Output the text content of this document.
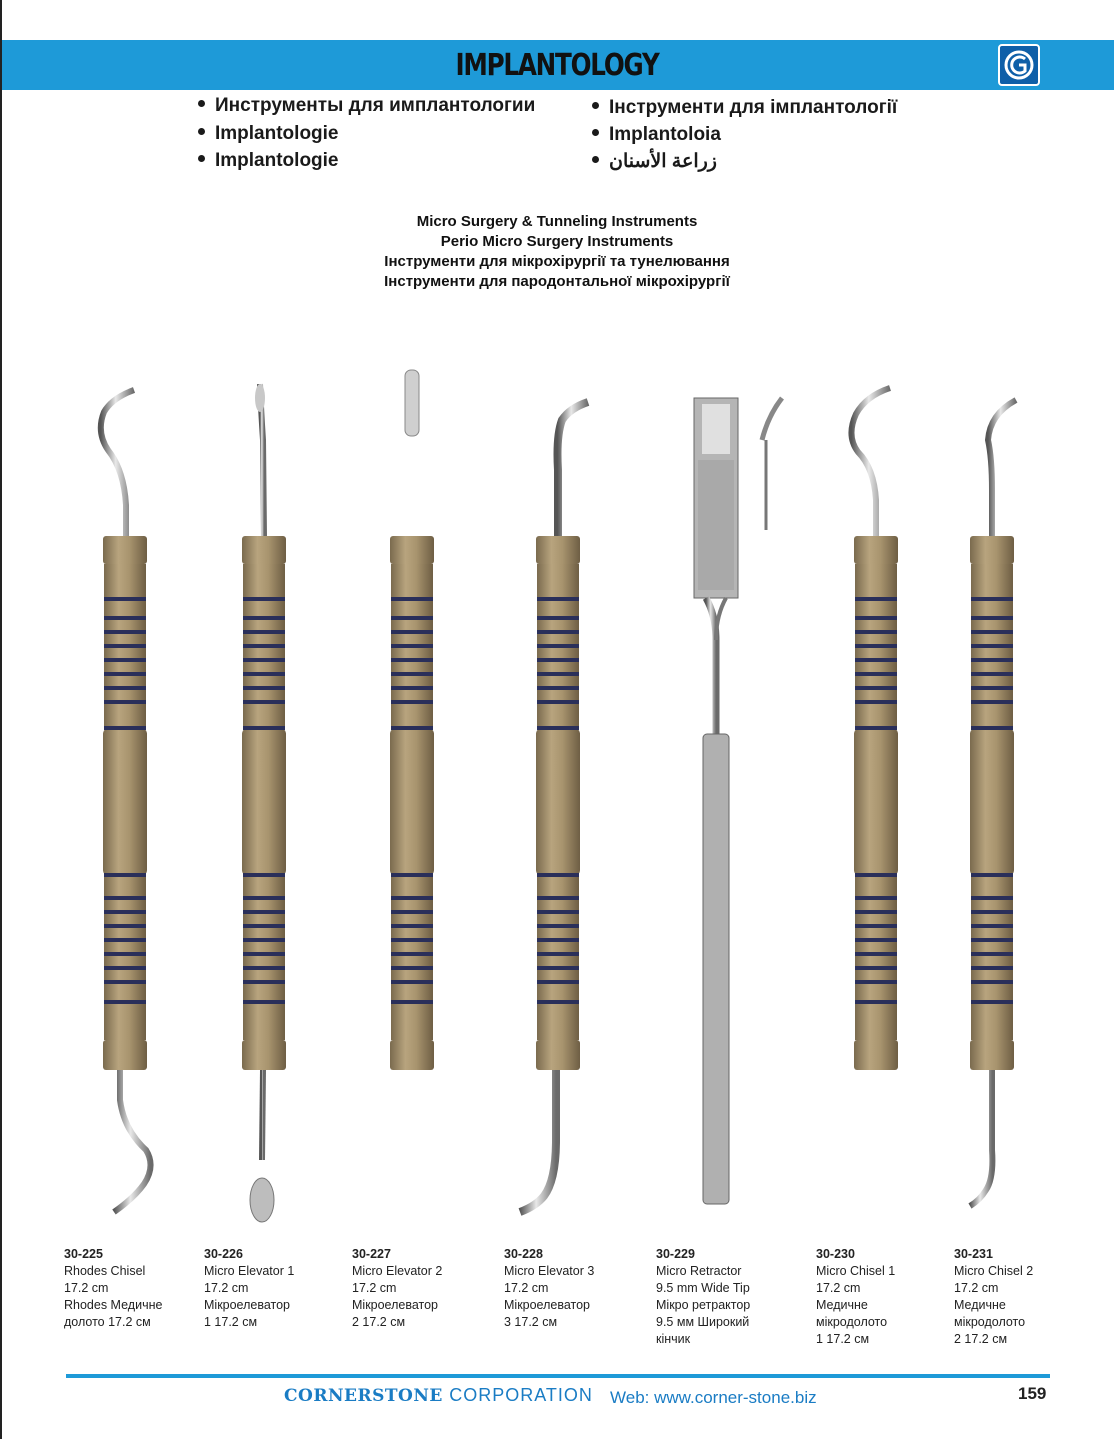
IMPLANTOLOGY
Инструменты для имплантологии
Implantologie
Implantologie
Інструменти для імплантології
Implantoloia
زراعة الأسنان
Micro Surgery & Tunneling Instruments
Perio Micro Surgery Instruments
Інструменти для мікрохірургії та тунелювання
Інструменти для пародонтальної мікрохірургії
30-225
Rhodes Chisel
17.2 cm
Rhodes Медичне
долото 17.2 см
30-226
Micro Elevator 1
17.2 cm
Мікроелеватор
1 17.2 см
30-227
Micro Elevator 2
17.2 cm
Мікроелеватор
2 17.2 см
30-228
Micro Elevator 3
17.2 cm
Мікроелеватор
3 17.2 см
30-229
Micro Retractor
9.5 mm Wide Tip
Мікро ретрактор
9.5 мм Широкий
кінчик
30-230
Micro Chisel 1
17.2 cm
Медичне
мікродолото
1 17.2 см
30-231
Micro Chisel 2
17.2 cm
Медичне
мікродолото
2 17.2 см
CORNERSTONE CORPORATION Web: www.corner-stone.biz	159
